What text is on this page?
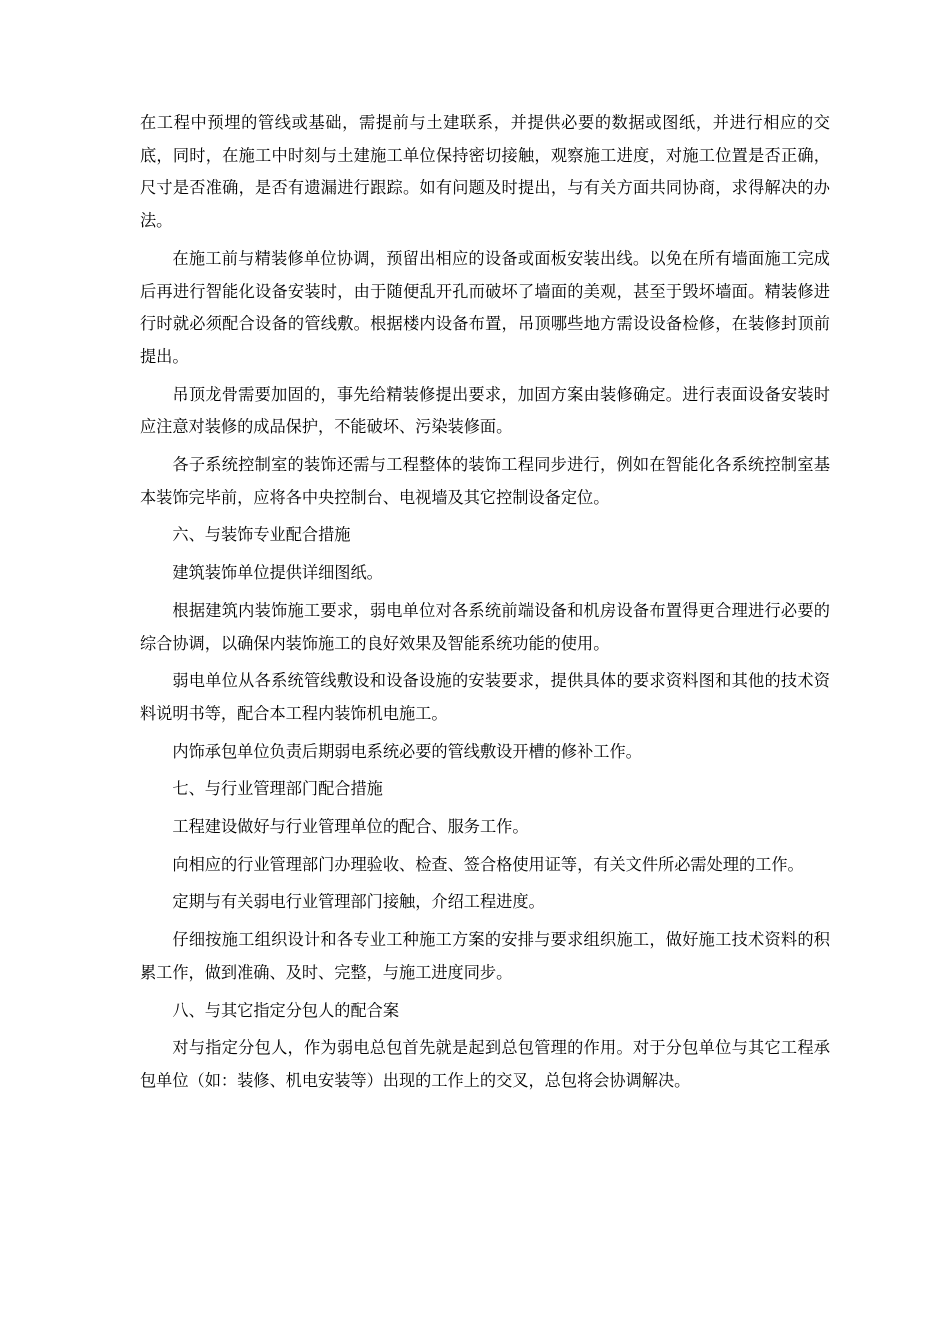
在工程中预埋的管线或基础，需提前与土建联系，并提供必要的数据或图纸，并进行相应的交底，同时，在施工中时刻与土建施工单位保持密切接触，观察施工进度，对施工位置是否正确，尺寸是否准确，是否有遗漏进行跟踪。如有问题及时提出，与有关方面共同协商，求得解决的办法。

在施工前与精装修单位协调，预留出相应的设备或面板安装出线。以免在所有墙面施工完成后再进行智能化设备安装时，由于随便乱开孔而破坏了墙面的美观，甚至于毁坏墙面。精装修进行时就必须配合设备的管线敷。根据楼内设备布置，吊顶哪些地方需设设备检修，在装修封顶前提出。

吊顶龙骨需要加固的，事先给精装修提出要求，加固方案由装修确定。进行表面设备安装时应注意对装修的成品保护，不能破坏、污染装修面。

各子系统控制室的装饰还需与工程整体的装饰工程同步进行，例如在智能化各系统控制室基本装饰完毕前，应将各中央控制台、电视墙及其它控制设备定位。

六、与装饰专业配合措施

建筑装饰单位提供详细图纸。

根据建筑内装饰施工要求，弱电单位对各系统前端设备和机房设备布置得更合理进行必要的综合协调，以确保内装饰施工的良好效果及智能系统功能的使用。

弱电单位从各系统管线敷设和设备设施的安装要求，提供具体的要求资料图和其他的技术资料说明书等，配合本工程内装饰机电施工。

内饰承包单位负责后期弱电系统必要的管线敷设开槽的修补工作。

七、与行业管理部门配合措施

工程建设做好与行业管理单位的配合、服务工作。

向相应的行业管理部门办理验收、检查、签合格使用证等，有关文件所必需处理的工作。

定期与有关弱电行业管理部门接触，介绍工程进度。

仔细按施工组织设计和各专业工种施工方案的安排与要求组织施工，做好施工技术资料的积累工作，做到准确、及时、完整，与施工进度同步。

八、与其它指定分包人的配合案

对与指定分包人，作为弱电总包首先就是起到总包管理的作用。对于分包单位与其它工程承包单位（如：装修、机电安装等）出现的工作上的交叉，总包将会协调解决。
